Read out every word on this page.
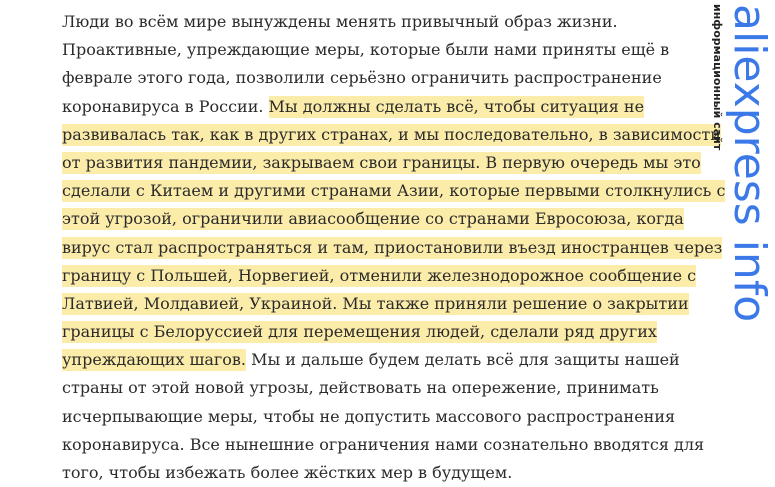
Люди во всём мире вынуждены менять привычный образ жизни.
Проактивные, упреждающие меры, которые были нами приняты ещё в
феврале этого года, позволили серьёзно ограничить распространение
коронавируса в России. Мы должны сделать всё, чтобы ситуация не
развивалась так, как в других странах, и мы последовательно, в зависимости
от развития пандемии, закрываем свои границы. В первую очередь мы это
сделали с Китаем и другими странами Азии, которые первыми столкнулись с
этой угрозой, ограничили авиасообщение со странами Евросоюза, когда
вирус стал распространяться и там, приостановили въезд иностранцев через
границу с Польшей, Норвегией, отменили железнодорожное сообщение с
Латвией, Молдавией, Украиной. Мы также приняли решение о закрытии
границы с Белоруссией для перемещения людей, сделали ряд других
упреждающих шагов. Мы и дальше будем делать всё для защиты нашей
страны от этой новой угрозы, действовать на опережение, принимать
исчерпывающие меры, чтобы не допустить массового распространения
коронавируса. Все нынешние ограничения нами сознательно вводятся для
того, чтобы избежать более жёстких мер в будущем.
информационный сайт aliexpress info
